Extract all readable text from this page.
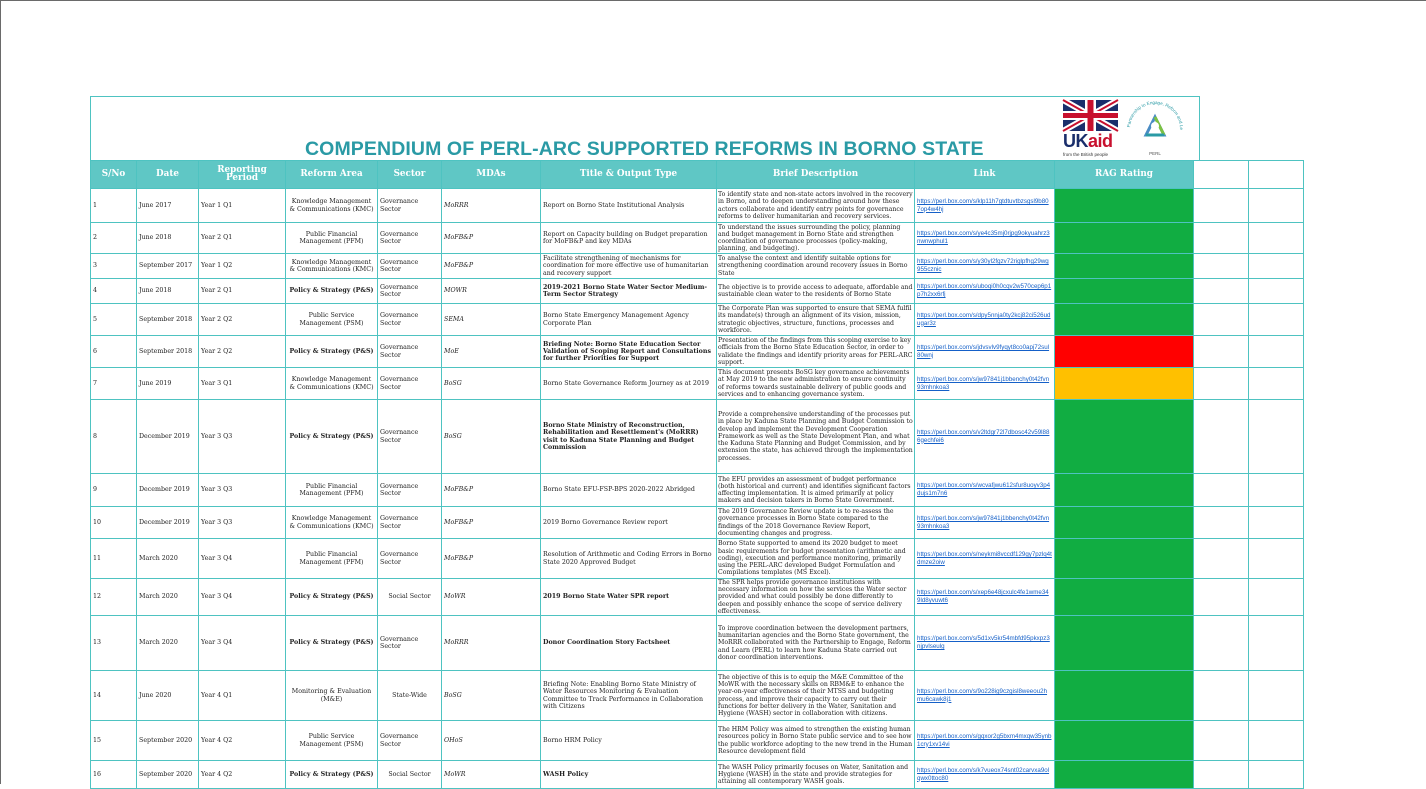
COMPENDIUM OF PERL-ARC SUPPORTED REFORMS IN BORNO STATE	UKaid
from the British people
Partnership to Engage, Reform and Le
PERL
S/No	Date	Reporting Period	Reform Area	Sector	MDAs	Title & Output Type	Brief Description	Link	RAG Rating		
1	June 2017	Year 1 Q1	Knowledge Management & Communications (KMC)	Governance Sector	MoRRR	Report on Borno State Institutional Analysis	To identify state and non-state actors involved in the recovery in Borno, and to deepen understanding around how these actors collaborate and identify entry points for governance reforms to deliver humanitarian and recovery services.	https://perl.box.com/s/klp11h7gtdtuvtbzsgsl9b807op4w4hj			
2	June 2018	Year 2 Q1	Public Financial Management (PFM)	Governance Sector	MoFB&P	Report on Capacity building on Budget preparation for MoFB&P and key MDAs	To understand the issues surrounding the policy, planning and budget management in Borno State and strengthen coordination of governance processes (policy-making, planning, and budgeting).	https://perl.box.com/s/ye4c35mj0rjpg9okyuahrz3nwnwphul1			
3	September 2017	Year 1 Q2	Knowledge Management & Communications (KMC)	Governance Sector	MoFB&P	Facilitate strengthening of mechanisms for coordination for more effective use of humanitarian and recovery support	To analyse the context and identify suitable options for strengthening coordination around recovery issues in Borno State	https://perl.box.com/s/y30yl2fgzv72riglpfhg29wg955cznic			
4	June 2018	Year 2 Q1	Policy & Strategy (P&S)	Governance Sector	MOWR	2019-2021 Borno State Water Sector Medium-Term Sector Strategy	The objective is to provide access to adequate, affordable and sustainable clean water to the residents of Borno State	https://perl.box.com/s/uboqi0h0cqv2w570cep6p1p7h2xx6rfj			
5	September 2018	Year 2 Q2	Public Service Management (PSM)	Governance Sector	SEMA	Borno State Emergency Management Agency Corporate Plan	The Corporate Plan was supported to ensure that SEMA fulfil its mandate(s) through an alignment of its vision, mission, strategic objectives, structure, functions, processes and workforce.	https://perl.box.com/s/dpy5nnja0ty2kcj82ci526udugar3z			
6	September 2018	Year 2 Q2	Policy & Strategy (P&S)	Governance Sector	MoE	Briefing Note: Borno State Education Sector Validation of Scoping Report and Consultations for further Priorities for Support	Presentation of the findings from this scoping exercise to key officials from the Borno State Education Sector, in order to validate the findings and identify priority areas for PERL-ARC support.	https://perl.box.com/s/jdvsvlv9fyqyt8co0apj72sul80wnj			
7	June 2019	Year 3 Q1	Knowledge Management & Communications (KMC)	Governance Sector	BoSG	Borno State Governance Reform Journey as at 2019	This document presents BoSG key governance achievements at May 2019 to the new administration to ensure continuity of reforms towards sustainable delivery of public goods and services and to enhancing governance system.	https://perl.box.com/s/jw97841j1bbenchy0t42fvn93mhnkoa3			
8	December 2019	Year 3 Q3	Policy & Strategy (P&S)	Governance Sector	BoSG	Borno State Ministry of Reconstruction, Rehabilitation and Resettlement's (MoRRR) visit to Kaduna State Planning and Budget Commission	Provide a comprehensive understanding of the processes put in place by Kaduna State Planning and Budget Commission to develop and implement the Development Cooperation Framework as well as the State Development Plan, and what the Kaduna State Planning and Budget Commission, and by extension the state, has achieved through the implementation processes.	https://perl.box.com/s/v2ltdgr72l7dbosc42v59l886gechfei6			
9	December 2019	Year 3 Q3	Public Financial Management (PFM)	Governance Sector	MoFB&P	Borno State EFU-FSP-BPS 2020-2022 Abridged	The EFU provides an assessment of budget performance (both historical and current) and identifies significant factors affecting implementation. It is aimed primarily at policy makers and decision takers in Borno State Government.	https://perl.box.com/s/wcvafjwu612sfur8uoyv3p4dujs1m7n6			
10	December 2019	Year 3 Q3	Knowledge Management & Communications (KMC)	Governance Sector	MoFB&P	2019 Borno Governance Review report	The 2019 Governance Review update is to re-assess the governance processes in Borno State compared to the findings of the 2018 Governance Review Report, documenting changes and progress.	https://perl.box.com/s/jw97841j1bbenchy0t42fvn93mhnkoa3			
11	March 2020	Year 3 Q4	Public Financial Management (PFM)	Governance Sector	MoFB&P	Resolution of Arithmetic and Coding Errors in Borno State 2020 Approved Budget	Borno State supported to amend its 2020 budget to meet basic requirements for budget presentation (arithmetic and coding), execution and performance monitoring, primarily using the PERL-ARC developed Budget Formulation and Compilations templates (MS Excel).	https://perl.box.com/s/neykmi8vccdf129gy7pzlq4tdmze2oiw			
12	March 2020	Year 3 Q4	Policy & Strategy (P&S)	Social Sector	MoWR	2019 Borno State Water SPR report	The SPR helps provide governance institutions with necessary information on how the services the Water sector provided and what could possibly be done differently to deepen and possibly enhance the scope of service delivery effectiveness.	https://perl.box.com/s/xep6e48jcxulc4fe1wme349ld8yvuwt6			
13	March 2020	Year 3 Q4	Policy & Strategy (P&S)	Governance Sector	MoRRR	Donor Coordination Story Factsheet	To improve coordination between the development partners, humanitarian agencies and the Borno State government, the MoRRR collaborated with the Partnership to Engage, Reform and Learn (PERL) to learn how Kaduna State carried out donor coordination interventions.	https://perl.box.com/s/5d1xv5kr54mbfd95pkxpz3njpvlseulg			
14	June 2020	Year 4 Q1	Monitoring & Evaluation (M&E)	State-Wide	BoSG	Briefing Note: Enabling Borno State Ministry of Water Resources Monitoring & Evaluation Committee to Track Performance in Collaboration with Citizens	The objective of this is to equip the M&E Committee of the MoWR with the necessary skills on RBM&E to enhance the year-on-year effectiveness of their MTSS and budgeting process, and improve their capacity to carry out their functions for better delivery in the Water, Sanitation and Hygiene (WASH) sector in collaboration with citizens.	https://perl.box.com/s/9o228ig9czgisl8weeou2hmu6cawk8j1			
15	September 2020	Year 4 Q2	Public Service Management (PSM)	Governance Sector	OHoS	Borno HRM Policy	The HRM Policy was aimed to strengthen the existing human resources policy in Borno State public service and to see how the public workforce adopting to the new trend in the Human Resource development field	https://perl.box.com/s/gqxor2g5bxm4mxqw35ynb1cry1xv14vi			
16	September 2020	Year 4 Q2	Policy & Strategy (P&S)	Social Sector	MoWR	WASH Policy	The WASH Policy primarily focuses on Water, Sanitation and Hygiene (WASH) in the state and provide strategies for attaining all contemporary WASH goals.	https://perl.box.com/s/k7vueox74snt02carvxa9olqwx0ttoc80			
